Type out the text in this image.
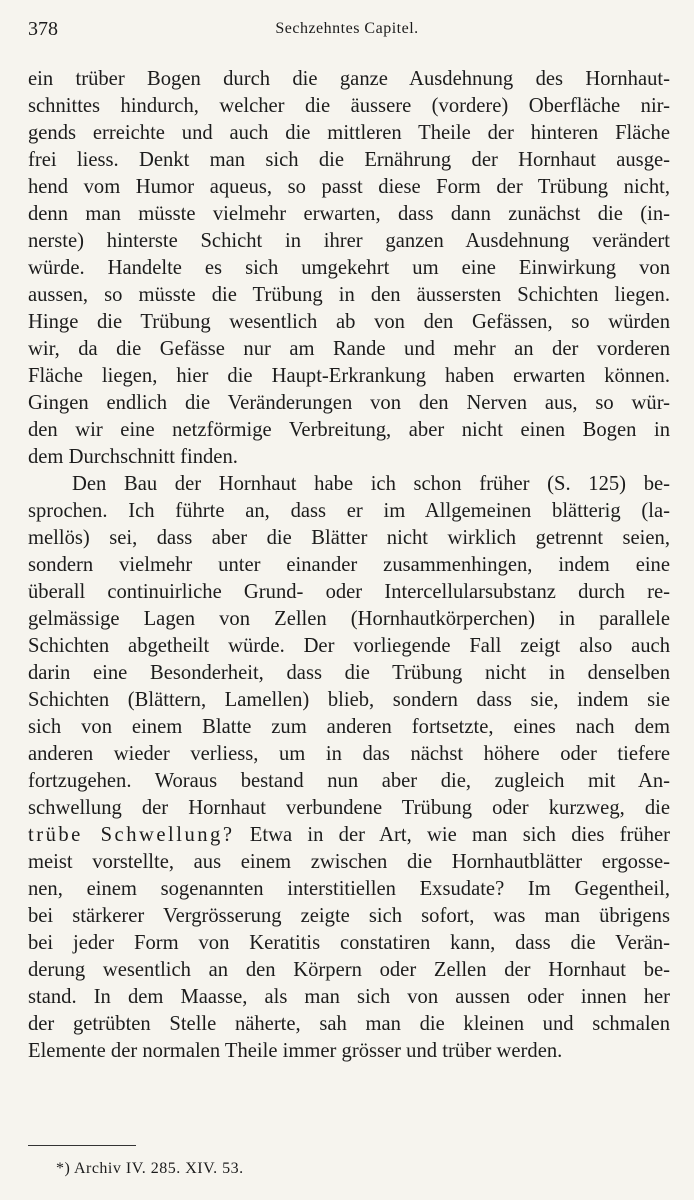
378	Sechzehntes Capitel.

ein trüber Bogen durch die ganze Ausdehnung des Hornhaut-
schnittes hindurch, welcher die äussere (vordere) Oberfläche nir-
gends erreichte und auch die mittleren Theile der hinteren Fläche
frei liess. Denkt man sich die Ernährung der Hornhaut ausge-
hend vom Humor aqueus, so passt diese Form der Trübung nicht,
denn man müsste vielmehr erwarten, dass dann zunächst die (in-
nerste) hinterste Schicht in ihrer ganzen Ausdehnung verändert
würde. Handelte es sich umgekehrt um eine Einwirkung von
aussen, so müsste die Trübung in den äussersten Schichten liegen.
Hinge die Trübung wesentlich ab von den Gefässen, so würden
wir, da die Gefässe nur am Rande und mehr an der vorderen
Fläche liegen, hier die Haupt-Erkrankung haben erwarten können.
Gingen endlich die Veränderungen von den Nerven aus, so wür-
den wir eine netzförmige Verbreitung, aber nicht einen Bogen in
dem Durchschnitt finden.

Den Bau der Hornhaut habe ich schon früher (S. 125) be-
sprochen. Ich führte an, dass er im Allgemeinen blätterig (la-
mellös) sei, dass aber die Blätter nicht wirklich getrennt seien,
sondern vielmehr unter einander zusammenhingen, indem eine
überall continuirliche Grund- oder Intercellularsubstanz durch re-
gelmässige Lagen von Zellen (Hornhautkörperchen) in parallele
Schichten abgetheilt würde. Der vorliegende Fall zeigt also auch
darin eine Besonderheit, dass die Trübung nicht in denselben
Schichten (Blättern, Lamellen) blieb, sondern dass sie, indem sie
sich von einem Blatte zum anderen fortsetzte, eines nach dem
anderen wieder verliess, um in das nächst höhere oder tiefere
fortzugehen. Woraus bestand nun aber die, zugleich mit An-
schwellung der Hornhaut verbundene Trübung oder kurzweg, die
trübe Schwellung? Etwa in der Art, wie man sich dies früher
meist vorstellte, aus einem zwischen die Hornhautblätter ergosse-
nen, einem sogenannten interstitiellen Exsudate? Im Gegentheil,
bei stärkerer Vergrösserung zeigte sich sofort, was man übrigens
bei jeder Form von Keratitis constatiren kann, dass die Verän-
derung wesentlich an den Körpern oder Zellen der Hornhaut be-
stand. In dem Maasse, als man sich von aussen oder innen her
der getrübten Stelle näherte, sah man die kleinen und schmalen
Elemente der normalen Theile immer grösser und trüber werden.

*) Archiv IV. 285. XIV. 53.
